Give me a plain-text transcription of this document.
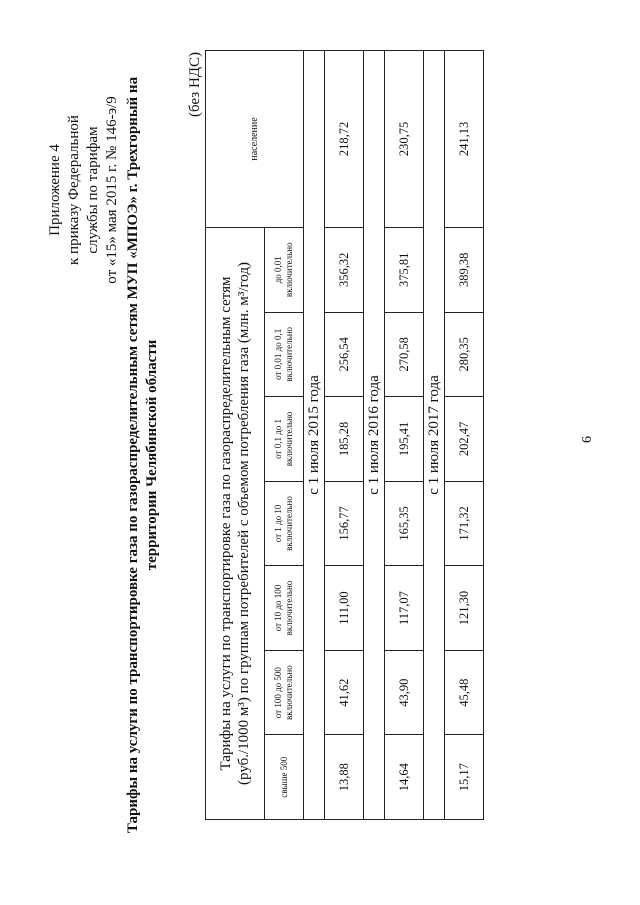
Приложение 4 к приказу Федеральной службы по тарифам от «15» мая 2015 г. № 146-э/9 Тарифы на услуги по транспортировке газа по газораспределительным сетям МУП «МПОЭ» г. Трехгорный на территории Челябинской области
(без НДС)
Тарифы на услуги по транспортировке газа по газораспределительным сетям (руб./1000 м³) по группам потребителей с объемом потребления газа (млн. м³/год)							население
свыше 500	от 100 до 500 включительно	от 10 до 100 включительно	от 1 до 10 включительно	от 0,1 до 1 включительно	от 0,01 до 0,1 включительно	до 0,01 включительно	
с 1 июля 2015 года							
13,88	41,62	111,00	156,77	185,28	256,54	356,32	218,72
с 1 июля 2016 года							
14,64	43,90	117,07	165,35	195,41	270,58	375,81	230,75
с 1 июля 2017 года							
15,17	45,48	121,30	171,32	202,47	280,35	389,38	241,13
6
